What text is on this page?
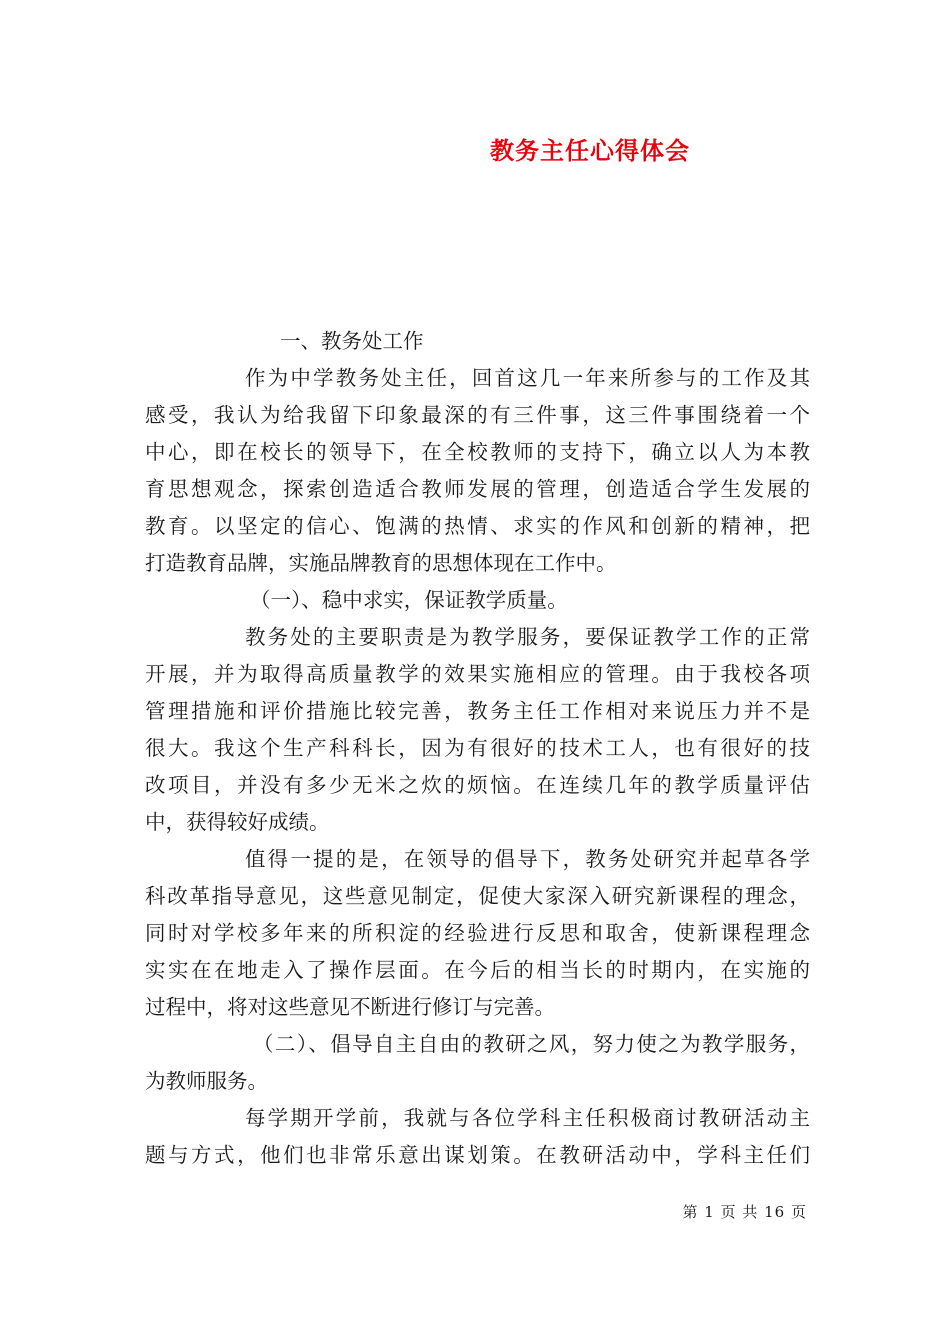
教务主任心得体会
一、教务处工作
作为中学教务处主任，回首这几一年来所参与的工作及其
感受，我认为给我留下印象最深的有三件事，这三件事围绕着一个
中心，即在校长的领导下，在全校教师的支持下，确立以人为本教
育思想观念，探索创造适合教师发展的管理，创造适合学生发展的
教育。以坚定的信心、饱满的热情、求实的作风和创新的精神，把
打造教育品牌，实施品牌教育的思想体现在工作中。
（一）、稳中求实，保证教学质量。
教务处的主要职责是为教学服务，要保证教学工作的正常
开展，并为取得高质量教学的效果实施相应的管理。由于我校各项
管理措施和评价措施比较完善，教务主任工作相对来说压力并不是
很大。我这个生产科科长，因为有很好的技术工人，也有很好的技
改项目，并没有多少无米之炊的烦恼。在连续几年的教学质量评估
中，获得较好成绩。
值得一提的是，在领导的倡导下，教务处研究并起草各学
科改革指导意见，这些意见制定，促使大家深入研究新课程的理念，
同时对学校多年来的所积淀的经验进行反思和取舍，使新课程理念
实实在在地走入了操作层面。在今后的相当长的时期内，在实施的
过程中，将对这些意见不断进行修订与完善。
（二）、倡导自主自由的教研之风，努力使之为教学服务，
为教师服务。
每学期开学前，我就与各位学科主任积极商讨教研活动主
题与方式，他们也非常乐意出谋划策。在教研活动中，学科主任们
第 1 页 共 16 页
